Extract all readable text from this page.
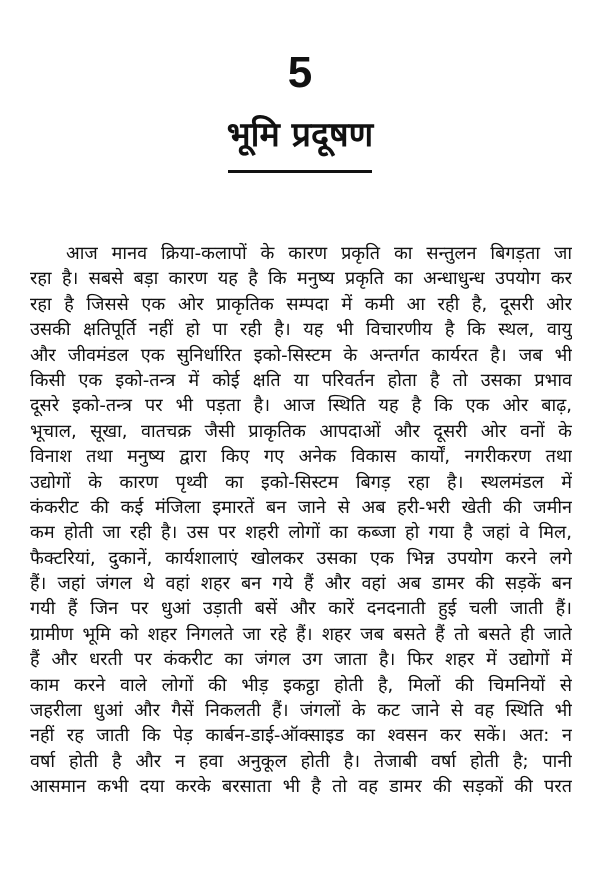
5
भूमि प्रदूषण
आज मानव क्रिया-कलापों के कारण प्रकृति का सन्तुलन बिगड़ता जा
रहा है। सबसे बड़ा कारण यह है कि मनुष्य प्रकृति का अन्धाधुन्ध उपयोग कर
रहा है जिससे एक ओर प्राकृतिक सम्पदा में कमी आ रही है, दूसरी ओर
उसकी क्षतिपूर्ति नहीं हो पा रही है। यह भी विचारणीय है कि स्थल, वायु
और जीवमंडल एक सुनिर्धारित इको-सिस्टम के अन्तर्गत कार्यरत है। जब भी
किसी एक इको-तन्त्र में कोई क्षति या परिवर्तन होता है तो उसका प्रभाव
दूसरे इको-तन्त्र पर भी पड़ता है। आज स्थिति यह है कि एक ओर बाढ़,
भूचाल, सूखा, वातचक्र जैसी प्राकृतिक आपदाओं और दूसरी ओर वनों के
विनाश तथा मनुष्य द्वारा किए गए अनेक विकास कार्यों, नगरीकरण तथा
उद्योगों के कारण पृथ्वी का इको-सिस्टम बिगड़ रहा है। स्थलमंडल में
कंकरीट की कई मंजिला इमारतें बन जाने से अब हरी-भरी खेती की जमीन
कम होती जा रही है। उस पर शहरी लोगों का कब्जा हो गया है जहां वे मिल,
फैक्टरियां, दुकानें, कार्यशालाएं खोलकर उसका एक भिन्न उपयोग करने लगे
हैं। जहां जंगल थे वहां शहर बन गये हैं और वहां अब डामर की सड़कें बन
गयी हैं जिन पर धुआं उड़ाती बसें और कारें दनदनाती हुई चली जाती हैं।
ग्रामीण भूमि को शहर निगलते जा रहे हैं। शहर जब बसते हैं तो बसते ही जाते
हैं और धरती पर कंकरीट का जंगल उग जाता है। फिर शहर में उद्योगों में
काम करने वाले लोगों की भीड़ इकट्ठा होती है, मिलों की चिमनियों से
जहरीला धुआं और गैसें निकलती हैं। जंगलों के कट जाने से वह स्थिति भी
नहीं रह जाती कि पेड़ कार्बन-डाई-ऑक्साइड का श्वसन कर सकें। अत: न
वर्षा होती है और न हवा अनुकूल होती है। तेजाबी वर्षा होती है; पानी
आसमान कभी दया करके बरसाता भी है तो वह डामर की सड़कों की परत
